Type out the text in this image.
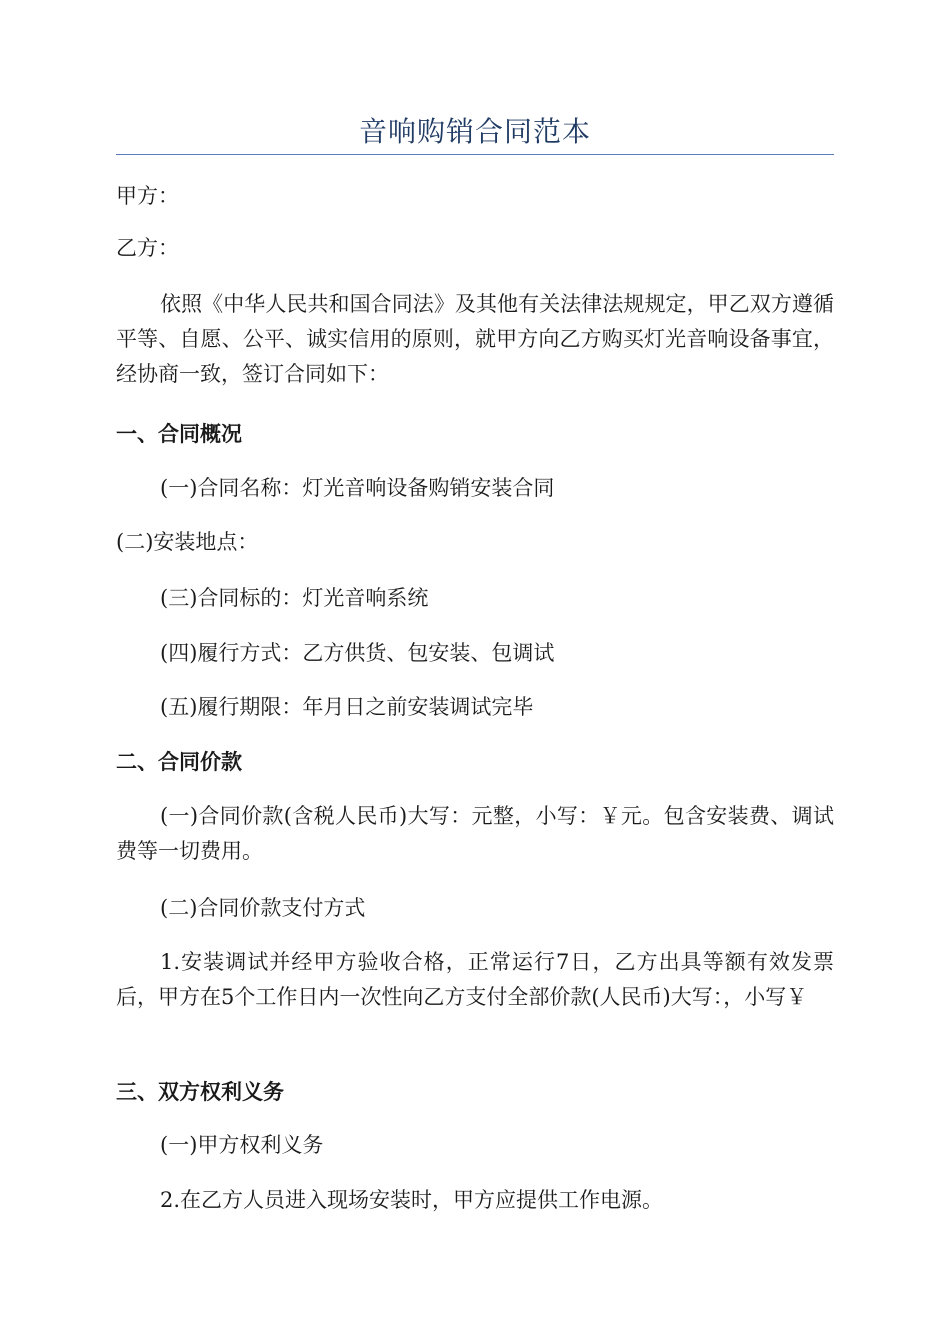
音响购销合同范本
甲方：
乙方：
依照《中华人民共和国合同法》及其他有关法律法规规定，甲乙双方遵循平等、自愿、公平、诚实信用的原则，就甲方向乙方购买灯光音响设备事宜，经协商一致，签订合同如下：
一、合同概况
(一)合同名称：灯光音响设备购销安装合同
(二)安装地点：
(三)合同标的：灯光音响系统
(四)履行方式：乙方供货、包安装、包调试
(五)履行期限：年月日之前安装调试完毕
二、合同价款
(一)合同价款(含税人民币)大写：元整，小写：￥元。包含安装费、调试费等一切费用。
(二)合同价款支付方式
1.安装调试并经甲方验收合格，正常运行7日，乙方出具等额有效发票后，甲方在5个工作日内一次性向乙方支付全部价款(人民币)大写：，小写￥
三、双方权利义务
(一)甲方权利义务
2.在乙方人员进入现场安装时，甲方应提供工作电源。
